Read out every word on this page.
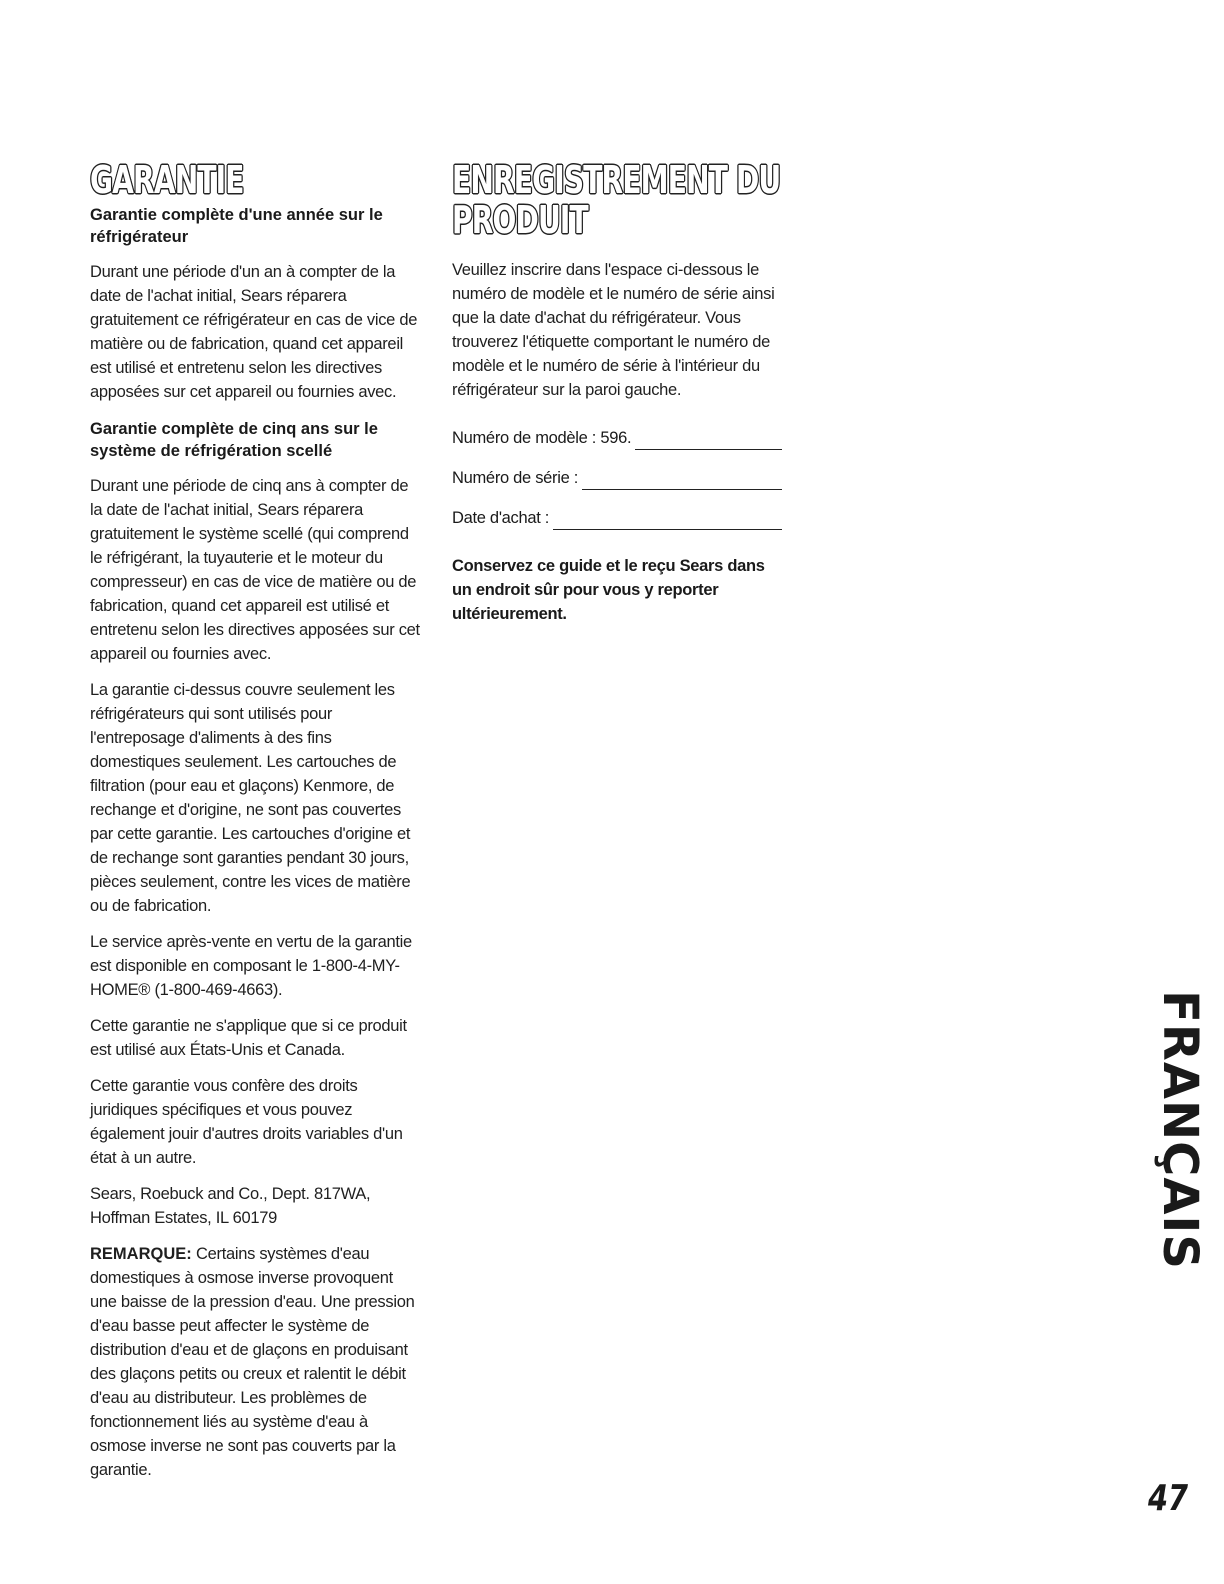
GARANTIE

Garantie complète d'une année sur le réfrigérateur

Durant une période d'un an à compter de la date de l'achat initial, Sears réparera gratuitement ce réfrigérateur en cas de vice de matière ou de fabrication, quand cet appareil est utilisé et entretenu selon les directives apposées sur cet appareil ou fournies avec.

Garantie complète de cinq ans sur le système de réfrigération scellé

Durant une période de cinq ans à compter de la date de l'achat initial, Sears réparera gratuitement le système scellé (qui comprend le réfrigérant, la tuyauterie et le moteur du compresseur) en cas de vice de matière ou de fabrication, quand cet appareil est utilisé et entretenu selon les directives apposées sur cet appareil ou fournies avec.

La garantie ci-dessus couvre seulement les réfrigérateurs qui sont utilisés pour l'entreposage d'aliments à des fins domestiques seulement. Les cartouches de filtration (pour eau et glaçons) Kenmore, de rechange et d'origine, ne sont pas couvertes par cette garantie. Les cartouches d'origine et de rechange sont garanties pendant 30 jours, pièces seulement, contre les vices de matière ou de fabrication.

Le service après-vente en vertu de la garantie est disponible en composant le 1-800-4-MY-HOME® (1-800-469-4663).

Cette garantie ne s'applique que si ce produit est utilisé aux États-Unis et Canada.

Cette garantie vous confère des droits juridiques spécifiques et vous pouvez également jouir d'autres droits variables d'un état à un autre.

Sears, Roebuck and Co., Dept. 817WA,
Hoffman Estates, IL 60179

REMARQUE: Certains systèmes d'eau domestiques à osmose inverse provoquent une baisse de la pression d'eau. Une pression d'eau basse peut affecter le système de distribution d'eau et de glaçons en produisant des glaçons petits ou creux et ralentit le débit d'eau au distributeur. Les problèmes de fonctionnement liés au système d'eau à osmose inverse ne sont pas couverts par la garantie.

ENREGISTREMENT DU
PRODUIT

Veuillez inscrire dans l'espace ci-dessous le numéro de modèle et le numéro de série ainsi que la date d'achat du réfrigérateur. Vous trouverez l'étiquette comportant le numéro de modèle et le numéro de série à l'intérieur du réfrigérateur sur la paroi gauche.

Numéro de modèle : 596.
Numéro de série :
Date d'achat :

Conservez ce guide et le reçu Sears dans un endroit sûr pour vous y reporter ultérieurement.

FRANÇAIS
47
